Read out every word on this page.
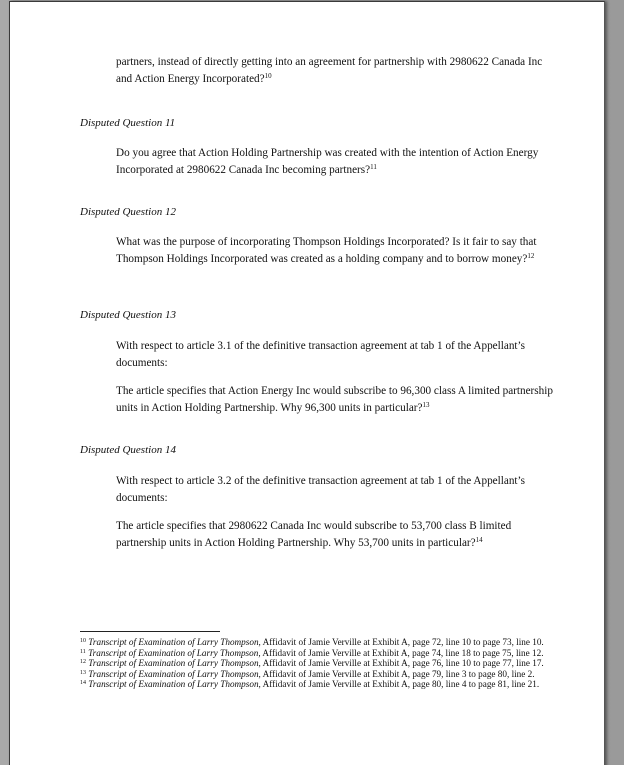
partners, instead of directly getting into an agreement for partnership with 2980622 Canada Inc and Action Energy Incorporated?$^{10}$

Disputed Question 11

Do you agree that Action Holding Partnership was created with the intention of Action Energy Incorporated at 2980622 Canada Inc becoming partners?$^{11}$

Disputed Question 12

What was the purpose of incorporating Thompson Holdings Incorporated? Is it fair to say that Thompson Holdings Incorporated was created as a holding company and to borrow money?$^{12}$

Disputed Question 13

With respect to article 3.1 of the definitive transaction agreement at tab 1 of the Appellant’s documents:

The article specifies that Action Energy Inc would subscribe to 96,300 class A limited partnership units in Action Holding Partnership. Why 96,300 units in particular?$^{13}$

Disputed Question 14

With respect to article 3.2 of the definitive transaction agreement at tab 1 of the Appellant’s documents:

The article specifies that 2980622 Canada Inc would subscribe to 53,700 class B limited partnership units in Action Holding Partnership. Why 53,700 units in particular?$^{14}$

$^{10}$ Transcript of Examination of Larry Thompson, Affidavit of Jamie Verville at Exhibit A, page 72, line 10 to page 73, line 10.

$^{11}$ Transcript of Examination of Larry Thompson, Affidavit of Jamie Verville at Exhibit A, page 74, line 18 to page 75, line 12.

$^{12}$ Transcript of Examination of Larry Thompson, Affidavit of Jamie Verville at Exhibit A, page 76, line 10 to page 77, line 17.

$^{13}$ Transcript of Examination of Larry Thompson, Affidavit of Jamie Verville at Exhibit A, page 79, line 3 to page 80, line 2.

$^{14}$ Transcript of Examination of Larry Thompson, Affidavit of Jamie Verville at Exhibit A, page 80, line 4 to page 81, line 21.
